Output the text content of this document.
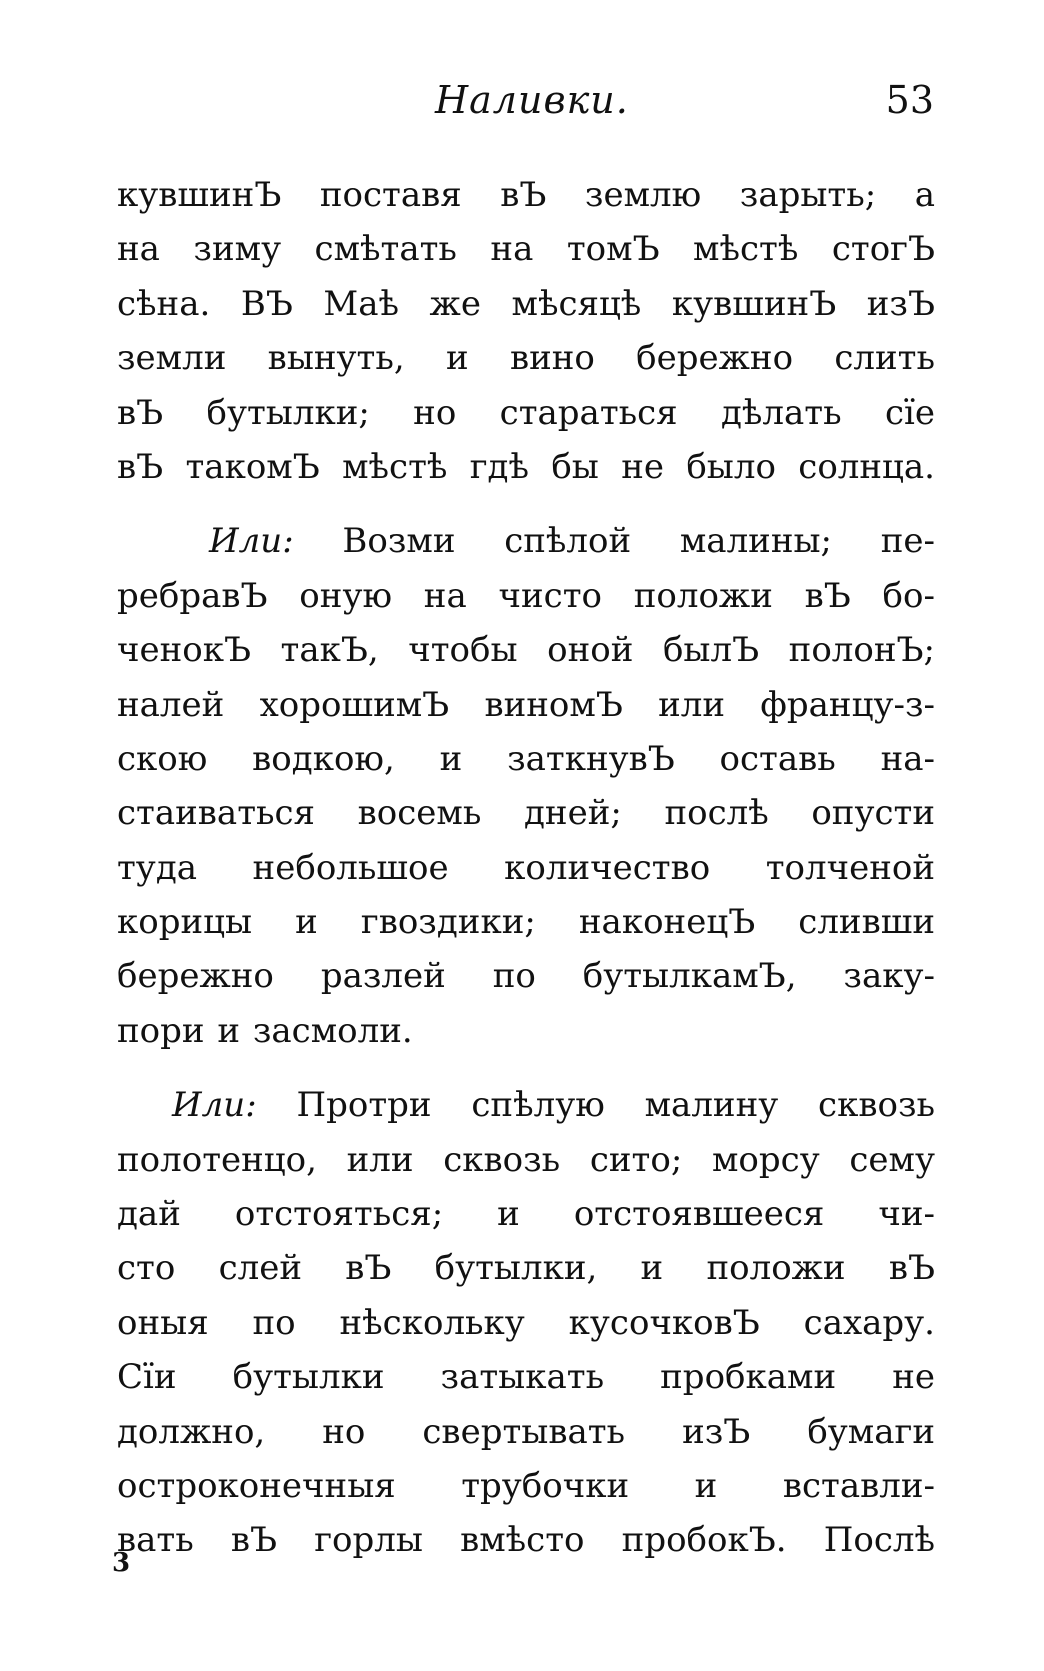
Наливки.	53
кувшинЪ поставя вЪ землю зарыть; а
на зиму смѣтать на томЪ мѣстѣ стогЪ
сѣна. ВЪ Маѣ же мѣсяцѣ кувшинЪ изЪ
земли вынуть, и вино бережно слить
вЪ бутылки; но стараться дѣлать сїе
вЪ такомЪ мѣстѣ гдѣ бы не было солнца.
Или: Возми спѣлой малины; пе-
ребравЪ оную на чисто положи вЪ бо-
ченокЪ такЪ, чтобы оной былЪ полонЪ;
налей хорошимЪ виномЪ или францу-з-
скою водкою, и заткнувЪ оставь на-
стаиваться восемь дней; послѣ опусти
туда небольшое количество толченой
корицы и гвоздики; наконецЪ сливши
бережно разлей по бутылкамЪ, заку-
пори и засмоли.
Или: Протри спѣлую малину сквозь
полотенцо, или сквозь сито; морсу сему
дай отстояться; и отстоявшееся чи-
сто слей вЪ бутылки, и положи вЪ
оныя по нѣскольку кусочковЪ сахару.
Сїи бутылки затыкать пробками не
должно, но свертывать изЪ бумаги
остроконечныя трубочки и вставли-
вать вЪ горлы вмѣсто пробокЪ. Послѣ
3
